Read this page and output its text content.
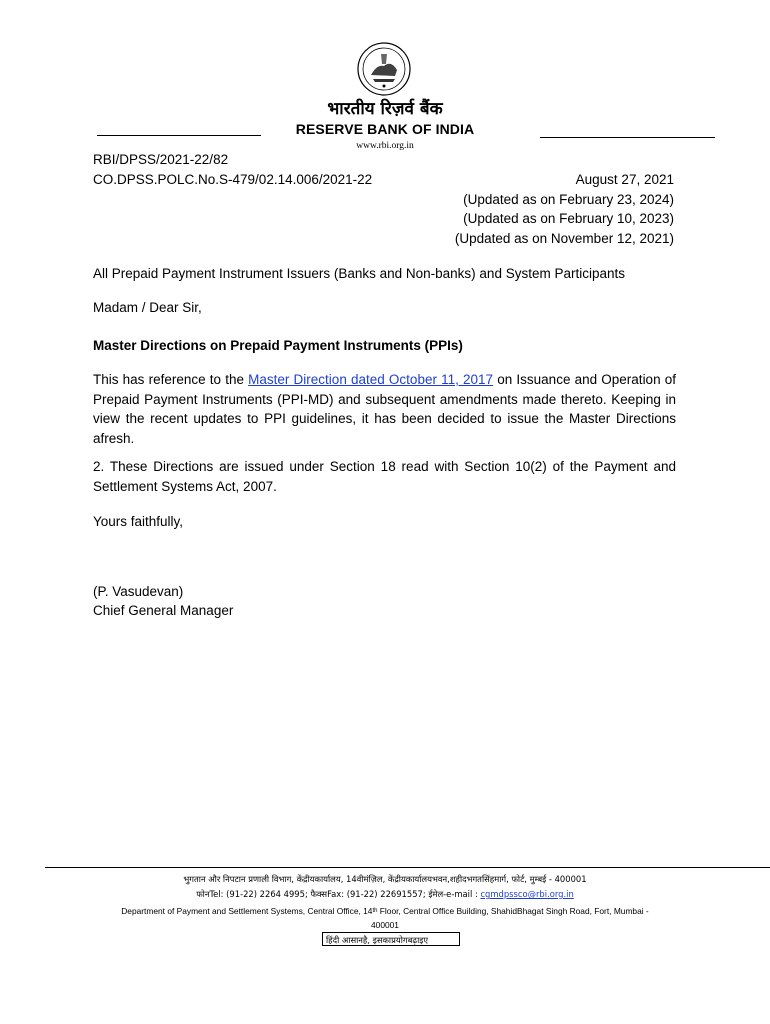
भारतीय रिज़र्व बैंक
RESERVE BANK OF INDIA
www.rbi.org.in
RBI/DPSS/2021-22/82
CO.DPSS.POLC.No.S-479/02.14.006/2021-22	August 27, 2021
(Updated as on February 23, 2024)
(Updated as on February 10, 2023)
(Updated as on November 12, 2021)
All Prepaid Payment Instrument Issuers (Banks and Non-banks) and System Participants
Madam / Dear Sir,
Master Directions on Prepaid Payment Instruments (PPIs)
This has reference to the Master Direction dated October 11, 2017 on Issuance and Operation of Prepaid Payment Instruments (PPI-MD) and subsequent amendments made thereto. Keeping in view the recent updates to PPI guidelines, it has been decided to issue the Master Directions afresh.
2. These Directions are issued under Section 18 read with Section 10(2) of the Payment and Settlement Systems Act, 2007.
Yours faithfully,
(P. Vasudevan)
Chief General Manager
भुगतान और निपटान प्रणाली विभाग, केंद्रीयकार्यालय, 14वीमंज़िल, केंद्रीयकार्यालयभवन,शहीदभगतसिंहमार्ग, फोर्ट, मुम्बई - 400001
फोनTel: (91-22) 2264 4995; फैक्सFax: (91-22) 22691557; ईमेल-e-mail : cgmdpssco@rbi.org.in
Department of Payment and Settlement Systems, Central Office, 14th Floor, Central Office Building, ShahidBhagat Singh Road, Fort, Mumbai -
400001
हिंदी आसानहै, इसकाप्रयोगबढ़ाइए
